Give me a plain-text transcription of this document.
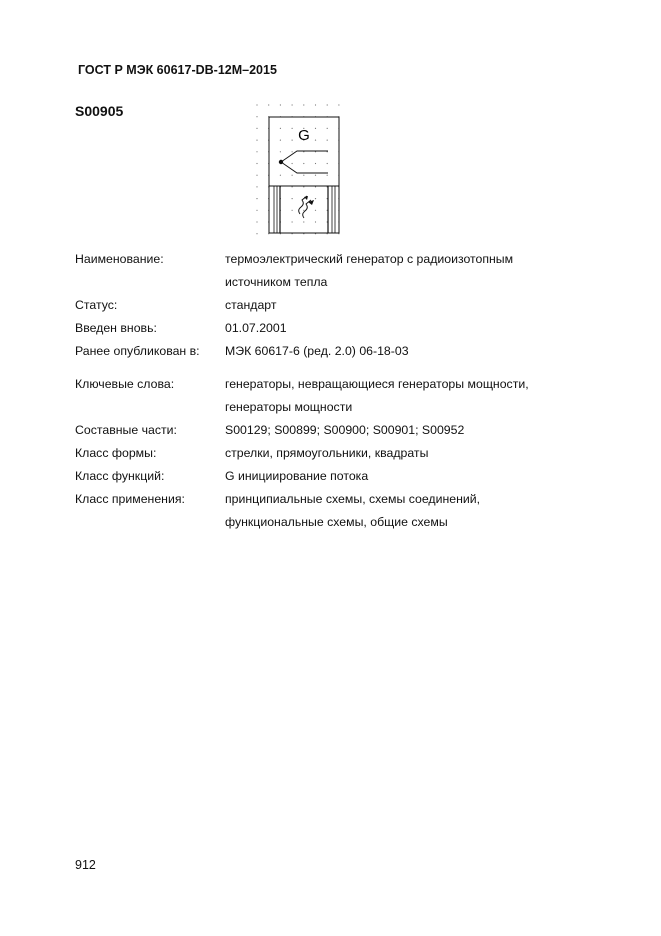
ГОСТ Р МЭК 60617-DB-12M–2015
S00905
G
Наименование:	термоэлектрический генератор с радиоизотопным
источником тепла
Статус:	стандарт
Введен вновь:	01.07.2001
Ранее опубликован в: МЭК 60617-6 (ред. 2.0) 06-18-03
Ключевые слова:	генераторы, невращающиеся генераторы мощности,
генераторы мощности
Составные части:	S00129; S00899; S00900; S00901; S00952
Класс формы:	стрелки, прямоугольники, квадраты
Класс функций:	G инициирование потока
Класс применения:	принципиальные схемы, схемы соединений,
функциональные схемы, общие схемы
912
